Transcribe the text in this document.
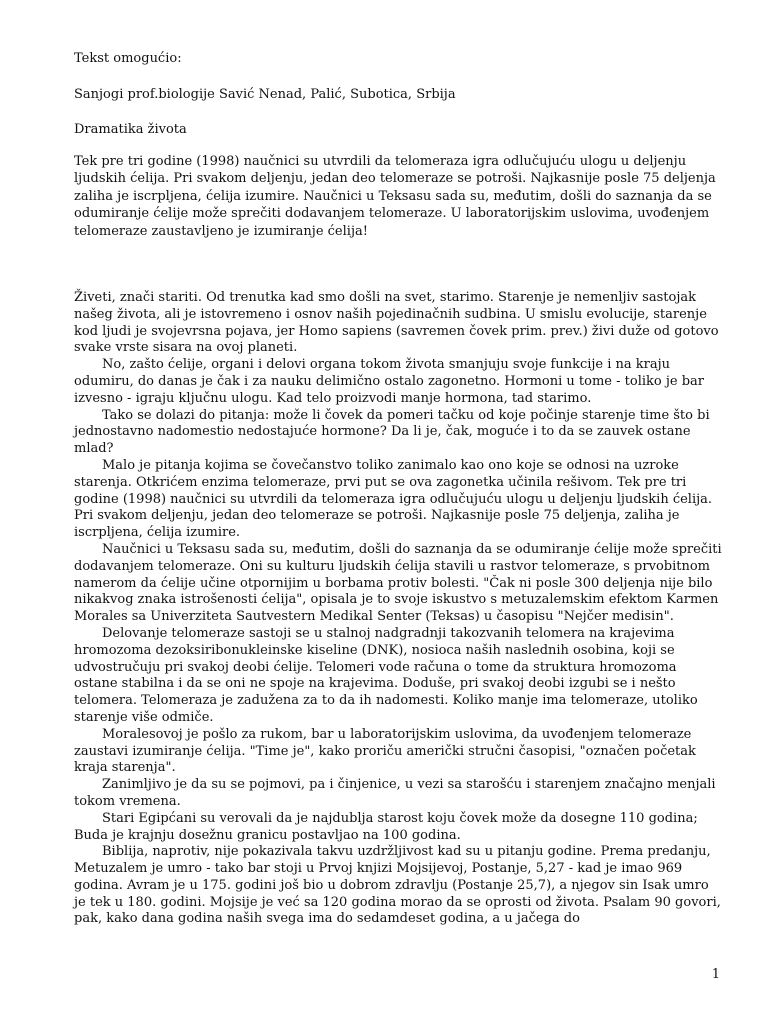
Tekst omogućio:

Sanjogi prof.biologije Savić Nenad, Palić, Subotica, Srbija

Dramatika života

Tek pre tri godine (1998) naučnici su utvrdili da telomeraza igra odlučujuću ulogu u deljenju ljudskih ćelija. Pri svakom deljenju, jedan deo telomeraze se potroši. Najkasnije posle 75 deljenja zaliha je iscrpljena, ćelija izumire. Naučnici u Teksasu sada su, međutim, došli do saznanja da se odumiranje ćelije može sprečiti dodavanjem telomeraze. U laboratorijskim uslovima, uvođenjem telomeraze zaustavljeno je izumiranje ćelija!

Živeti, znači stariti. Od trenutka kad smo došli na svet, starimo. Starenje je nemenljiv sastojak našeg života, ali je istovremeno i osnov naših pojedinačnih sudbina. U smislu evolucije, starenje kod ljudi je svojevrsna pojava, jer Homo sapiens (savremen čovek prim. prev.) živi duže od gotovo svake vrste sisara na ovoj planeti.

No, zašto ćelije, organi i delovi organa tokom života smanjuju svoje funkcije i na kraju odumiru, do danas je čak i za nauku delimično ostalo zagonetno. Hormoni u tome - toliko je bar izvesno - igraju ključnu ulogu. Kad telo proizvodi manje hormona, tad starimo.

Tako se dolazi do pitanja: može li čovek da pomeri tačku od koje počinje starenje time što bi jednostavno nadomestio nedostajuće hormone? Da li je, čak, moguće i to da se zauvek ostane mlad?

Malo je pitanja kojima se čovečanstvo toliko zanimalo kao ono koje se odnosi na uzroke starenja. Otkrićem enzima telomeraze, prvi put se ova zagonetka učinila rešivom. Tek pre tri godine (1998) naučnici su utvrdili da telomeraza igra odlučujuću ulogu u deljenju ljudskih ćelija. Pri svakom deljenju, jedan deo telomeraze se potroši. Najkasnije posle 75 deljenja, zaliha je iscrpljena, ćelija izumire.

Naučnici u Teksasu sada su, međutim, došli do saznanja da se odumiranje ćelije može sprečiti dodavanjem telomeraze. Oni su kulturu ljudskih ćelija stavili u rastvor telomeraze, s prvobitnom namerom da ćelije učine otpornijim u borbama protiv bolesti. "Čak ni posle 300 deljenja nije bilo nikakvog znaka istrošenosti ćelija", opisala je to svoje iskustvo s metuzalemskim efektom Karmen Morales sa Univerziteta Sautvestern Medikal Senter (Teksas) u časopisu "Nejčer medisin".

Delovanje telomeraze sastoji se u stalnoj nadgradnji takozvanih telomera na krajevima hromozoma dezoksiribonukleinske kiseline (DNK), nosioca naših naslednih osobina, koji se udvostručuju pri svakoj deobi ćelije. Telomeri vode računa o tome da struktura hromozoma ostane stabilna i da se oni ne spoje na krajevima. Doduše, pri svakoj deobi izgubi se i nešto telomera. Telomeraza je zadužena za to da ih nadomesti. Koliko manje ima telomeraze, utoliko starenje više odmiče.

Moralesovoj je pošlo za rukom, bar u laboratorijskim uslovima, da uvođenjem telomeraze zaustavi izumiranje ćelija. "Time je", kako proriču američki stručni časopisi, "označen početak kraja starenja".

Zanimljivo je da su se pojmovi, pa i činjenice, u vezi sa starošću i starenjem značajno menjali tokom vremena.

Stari Egipćani su verovali da je najdublja starost koju čovek može da dosegne 110 godina; Buda je krajnju dosežnu granicu postavljao na 100 godina.

Biblija, naprotiv, nije pokazivala takvu uzdržljivost kad su u pitanju godine. Prema predanju, Metuzalem je umro - tako bar stoji u Prvoj knjizi Mojsijevoj, Postanje, 5,27 - kad je imao 969 godina. Avram je u 175. godini još bio u dobrom zdravlju (Postanje 25,7), a njegov sin Isak umro je tek u 180. godini. Mojsije je već sa 120 godina morao da se oprosti od života. Psalam 90 govori, pak, kako dana godina naših svega ima do sedamdeset godina, a u jačega do

1
